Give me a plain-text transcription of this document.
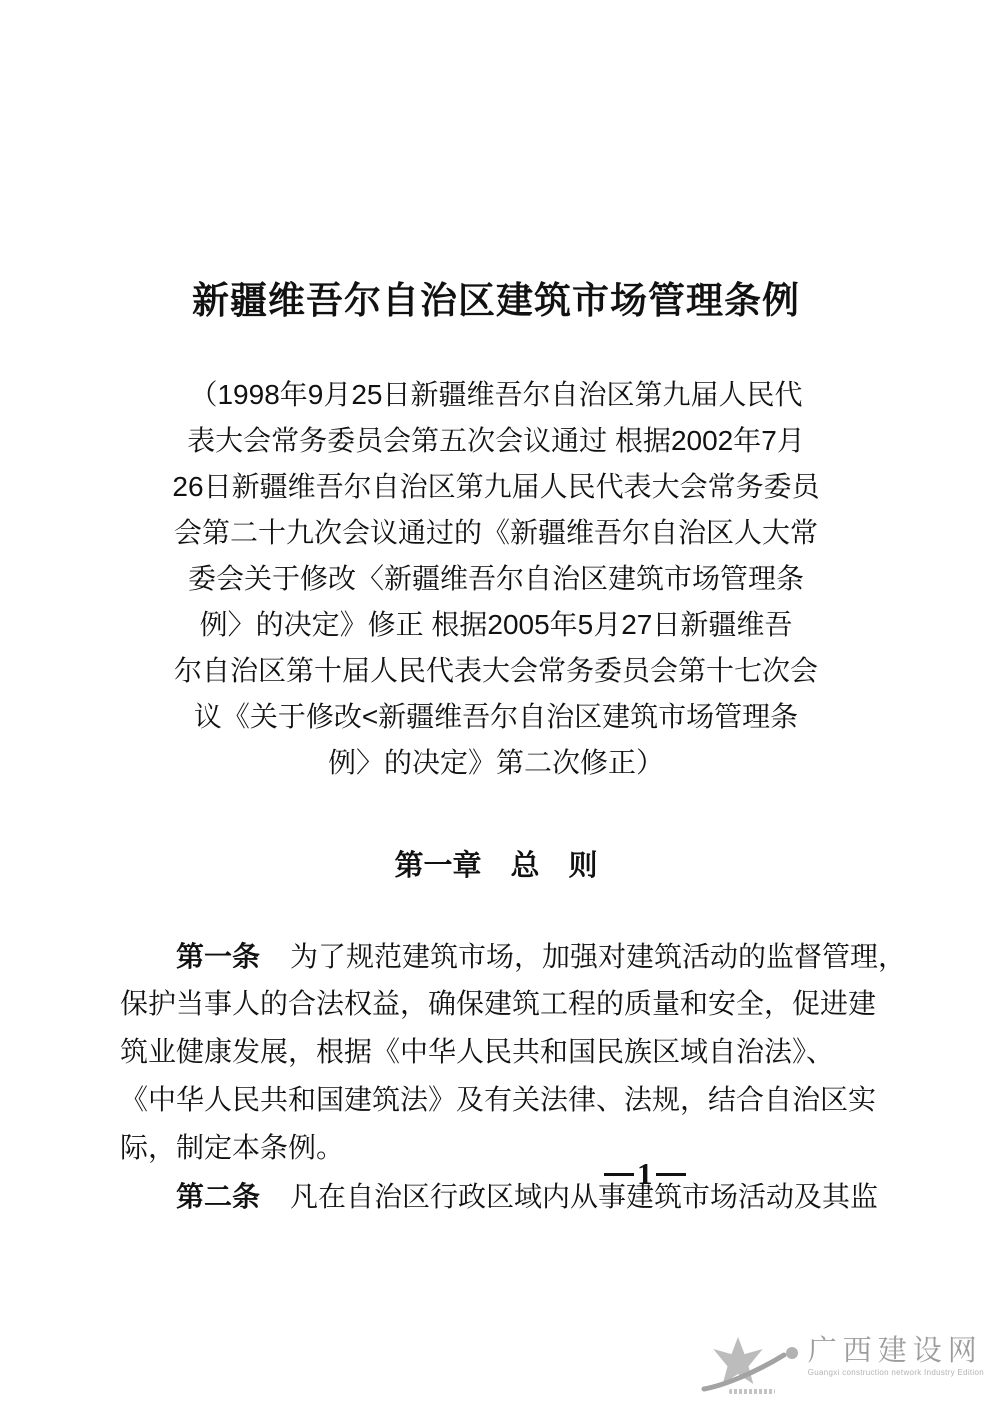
新疆维吾尔自治区建筑市场管理条例
（1998年9月25日新疆维吾尔自治区第九届人民代
表大会常务委员会第五次会议通过 根据2002年7月
26日新疆维吾尔自治区第九届人民代表大会常务委员
会第二十九次会议通过的《新疆维吾尔自治区人大常
委会关于修改〈新疆维吾尔自治区建筑市场管理条
例〉的决定》修正 根据2005年5月27日新疆维吾
尔自治区第十届人民代表大会常务委员会第十七次会
议《关于修改<新疆维吾尔自治区建筑市场管理条
例〉的决定》第二次修正）
第一章　总　则
第一条 为了规范建筑市场，加强对建筑活动的监督管理，
保护当事人的合法权益，确保建筑工程的质量和安全，促进建
筑业健康发展，根据《中华人民共和国民族区域自治法》、
《中华人民共和国建筑法》及有关法律、法规，结合自治区实
际，制定本条例。
第二条 凡在自治区行政区域内从事建筑市场活动及其监
1
广西建设网
Guangxi construction network Industry Edition
